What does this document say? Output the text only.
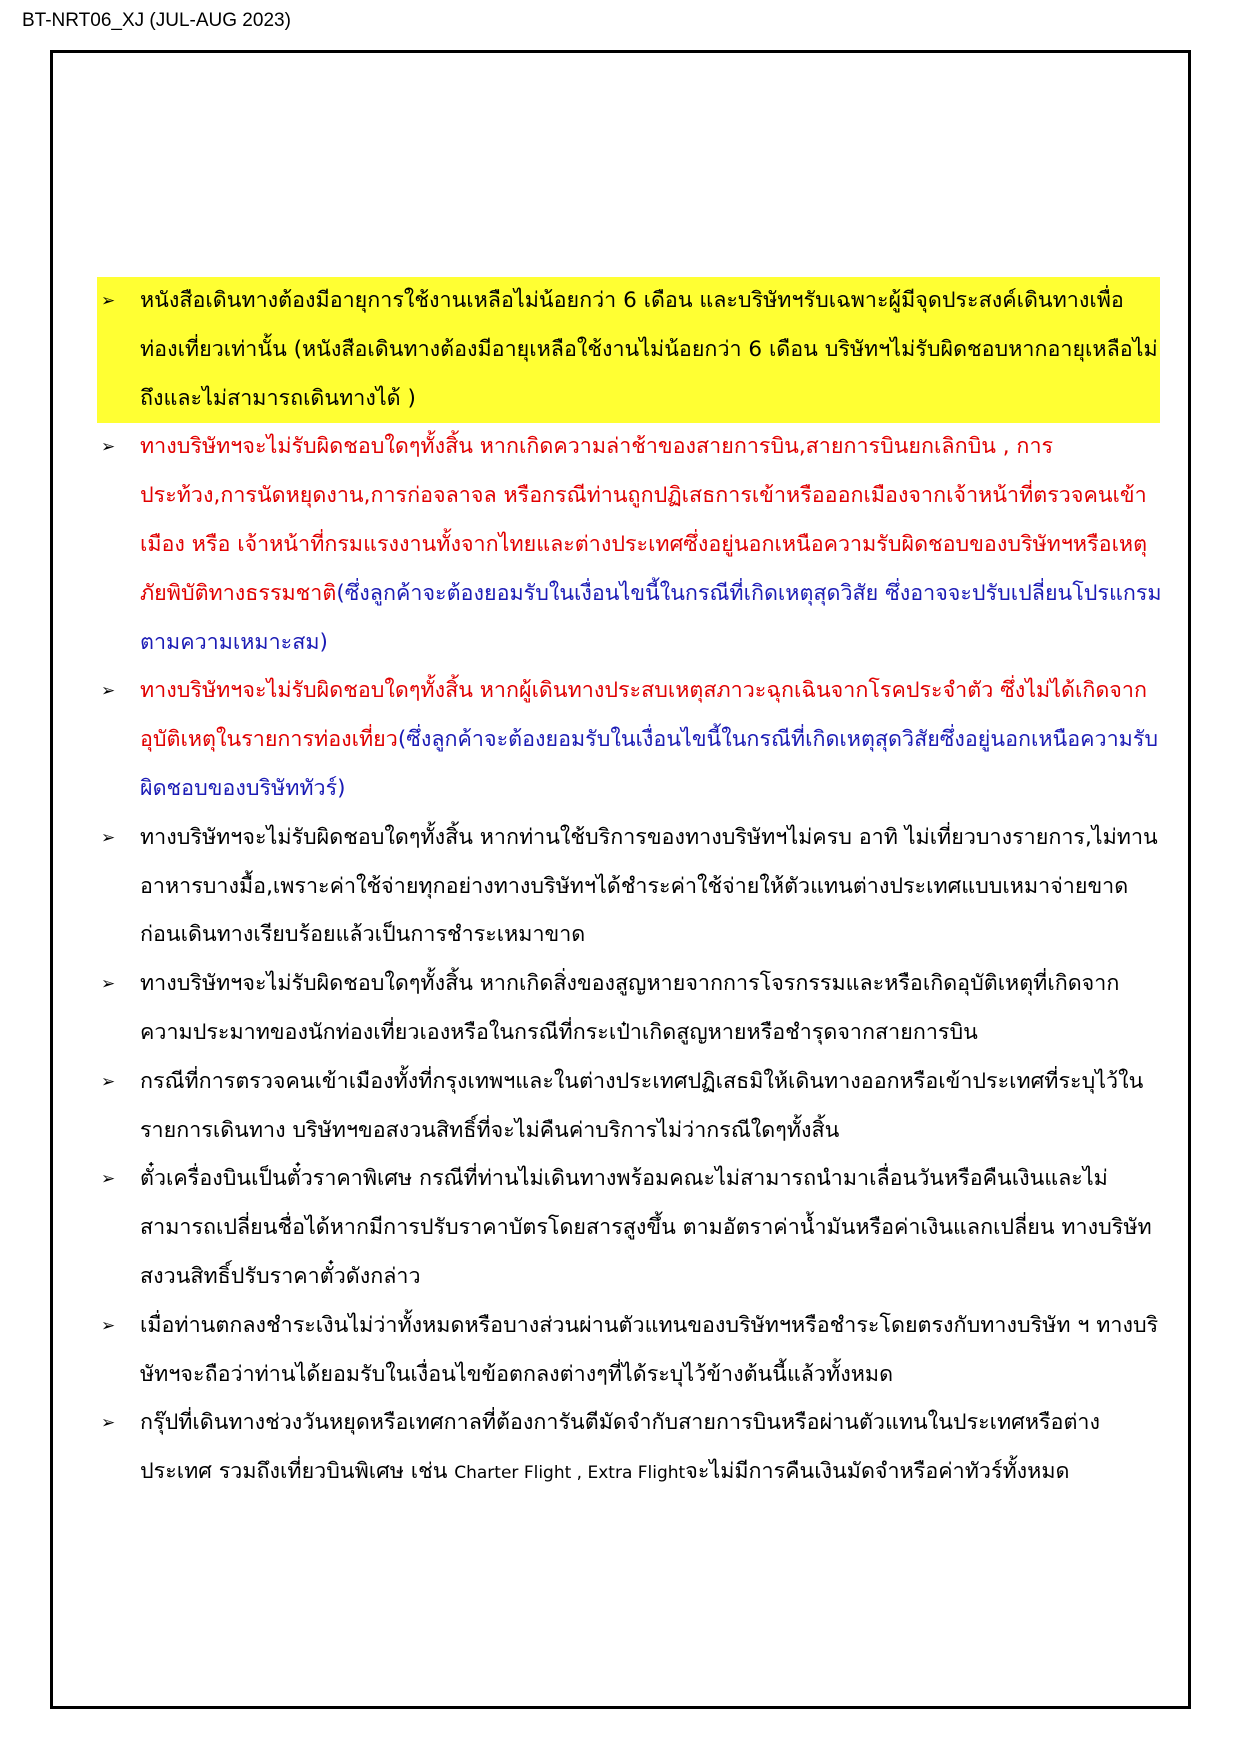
BT-NRT06_XJ (JUL-AUG 2023)
➢ หนังสือเดินทางต้องมีอายุการใช้งานเหลือไม่น้อยกว่า 6 เดือน และบริษัทฯรับเฉพาะผู้มีจุดประสงค์เดินทางเพื่อท่องเที่ยวเท่านั้น (หนังสือเดินทางต้องมีอายุเหลือใช้งานไม่น้อยกว่า 6 เดือน บริษัทฯไม่รับผิดชอบหากอายุเหลือไม่ถึงและไม่สามารถเดินทางได้ )
➢ ทางบริษัทฯจะไม่รับผิดชอบใดๆทั้งสิ้น หากเกิดความล่าช้าของสายการบิน,สายการบินยกเลิกบิน , การประท้วง,การนัดหยุดงาน,การก่อจลาจล หรือกรณีท่านถูกปฏิเสธการเข้าหรือออกเมืองจากเจ้าหน้าที่ตรวจคนเข้าเมือง หรือ เจ้าหน้าที่กรมแรงงานทั้งจากไทยและต่างประเทศซึ่งอยู่นอกเหนือความรับผิดชอบของบริษัทฯหรือเหตุภัยพิบัติทางธรรมชาติ(ซึ่งลูกค้าจะต้องยอมรับในเงื่อนไขนี้ในกรณีที่เกิดเหตุสุดวิสัย ซึ่งอาจจะปรับเปลี่ยนโปรแกรมตามความเหมาะสม)
➢ ทางบริษัทฯจะไม่รับผิดชอบใดๆทั้งสิ้น หากผู้เดินทางประสบเหตุสภาวะฉุกเฉินจากโรคประจำตัว ซึ่งไม่ได้เกิดจากอุบัติเหตุในรายการท่องเที่ยว(ซึ่งลูกค้าจะต้องยอมรับในเงื่อนไขนี้ในกรณีที่เกิดเหตุสุดวิสัยซึ่งอยู่นอกเหนือความรับผิดชอบของบริษัททัวร์)
➢ ทางบริษัทฯจะไม่รับผิดชอบใดๆทั้งสิ้น หากท่านใช้บริการของทางบริษัทฯไม่ครบ อาทิ ไม่เที่ยวบางรายการ,ไม่ทานอาหารบางมื้อ,เพราะค่าใช้จ่ายทุกอย่างทางบริษัทฯได้ชำระค่าใช้จ่ายให้ตัวแทนต่างประเทศแบบเหมาจ่ายขาด ก่อนเดินทางเรียบร้อยแล้วเป็นการชำระเหมาขาด
➢ ทางบริษัทฯจะไม่รับผิดชอบใดๆทั้งสิ้น หากเกิดสิ่งของสูญหายจากการโจรกรรมและหรือเกิดอุบัติเหตุที่เกิดจากความประมาทของนักท่องเที่ยวเองหรือในกรณีที่กระเป๋าเกิดสูญหายหรือชำรุดจากสายการบิน
➢ กรณีที่การตรวจคนเข้าเมืองทั้งที่กรุงเทพฯและในต่างประเทศปฏิเสธมิให้เดินทางออกหรือเข้าประเทศที่ระบุไว้ในรายการเดินทาง บริษัทฯขอสงวนสิทธิ์ที่จะไม่คืนค่าบริการไม่ว่ากรณีใดๆทั้งสิ้น
➢ ตั๋วเครื่องบินเป็นตั๋วราคาพิเศษ กรณีที่ท่านไม่เดินทางพร้อมคณะไม่สามารถนำมาเลื่อนวันหรือคืนเงินและไม่สามารถเปลี่ยนชื่อได้หากมีการปรับราคาบัตรโดยสารสูงขึ้น ตามอัตราค่าน้ำมันหรือค่าเงินแลกเปลี่ยน ทางบริษัท สงวนสิทธิ์ปรับราคาตั๋วดังกล่าว
➢ เมื่อท่านตกลงชำระเงินไม่ว่าทั้งหมดหรือบางส่วนผ่านตัวแทนของบริษัทฯหรือชำระโดยตรงกับทางบริษัท ฯ ทางบริษัทฯจะถือว่าท่านได้ยอมรับในเงื่อนไขข้อตกลงต่างๆที่ได้ระบุไว้ข้างต้นนี้แล้วทั้งหมด
➢ กรุ๊ปที่เดินทางช่วงวันหยุดหรือเทศกาลที่ต้องการันตีมัดจำกับสายการบินหรือผ่านตัวแทนในประเทศหรือต่างประเทศ รวมถึงเที่ยวบินพิเศษ เช่น Charter Flight , Extra Flightจะไม่มีการคืนเงินมัดจำหรือค่าทัวร์ทั้งหมด
